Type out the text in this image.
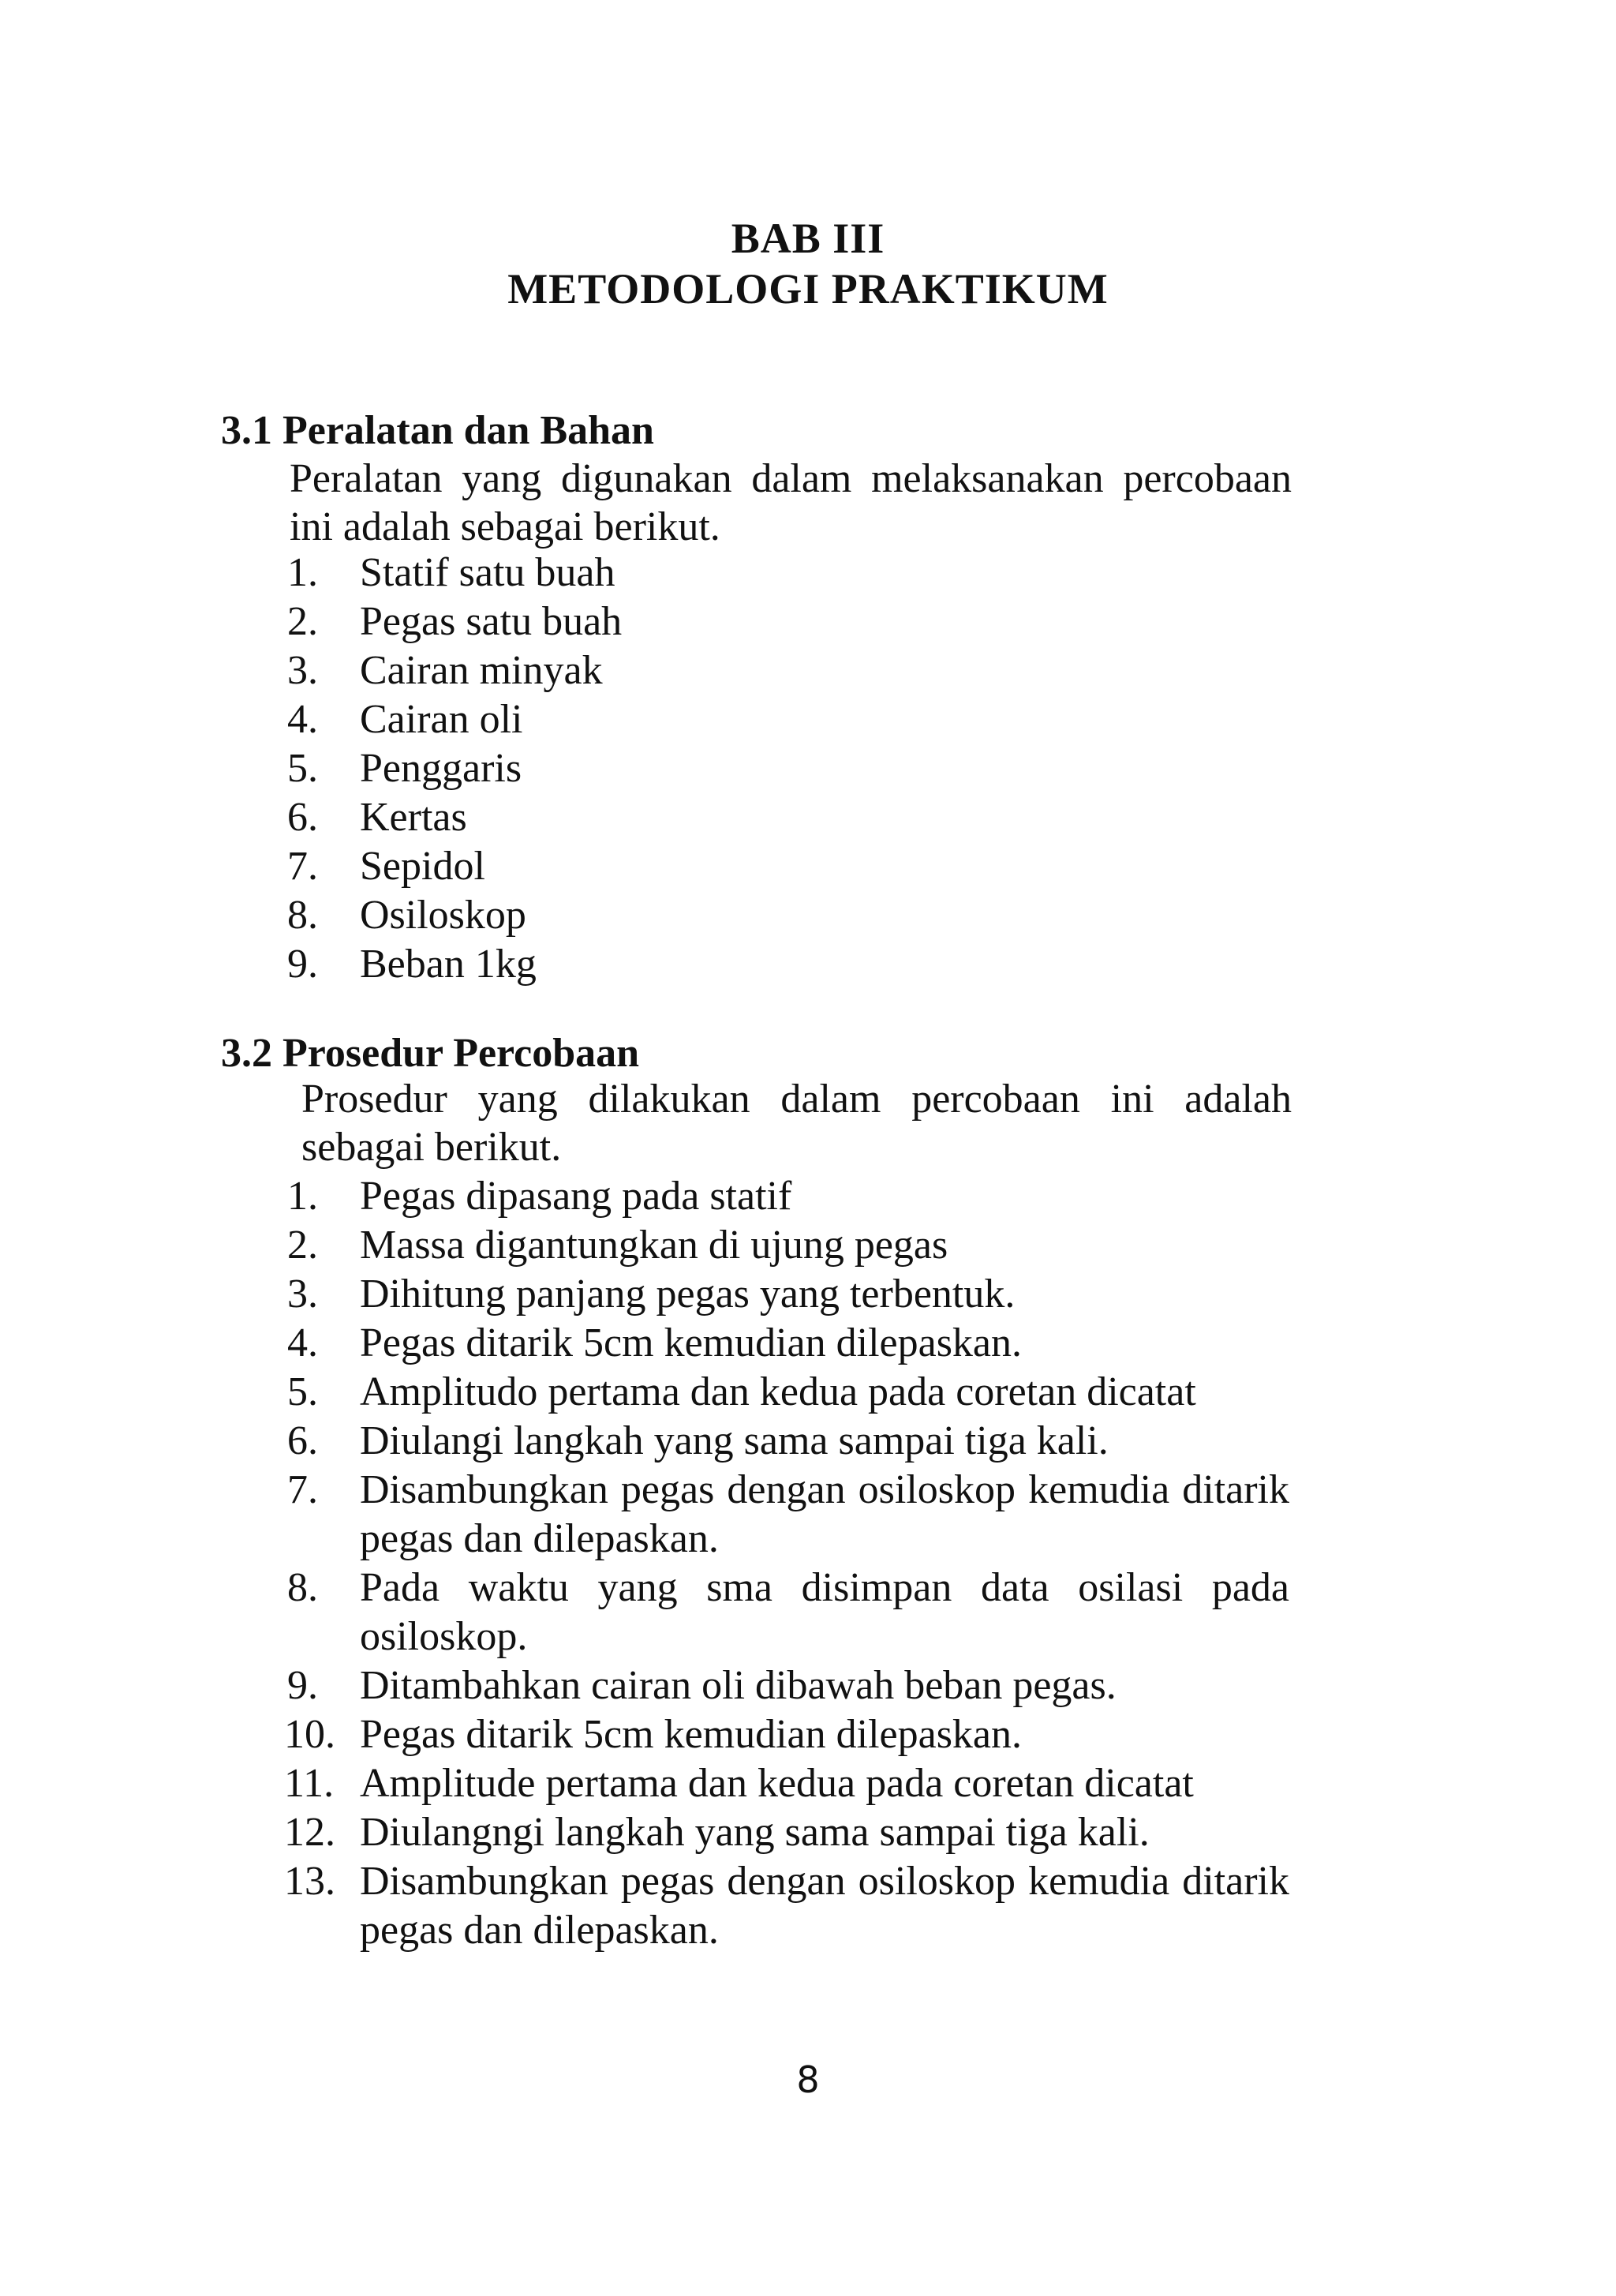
BAB III
METODOLOGI PRAKTIKUM
3.1 Peralatan dan Bahan
Peralatan yang digunakan dalam melaksanakan percobaan ini adalah sebagai berikut.
1.	Statif satu buah
2.	Pegas satu buah
3.	Cairan minyak
4.	Cairan oli
5.	Penggaris
6.	Kertas
7.	Sepidol
8.	Osiloskop
9.	Beban 1kg
3.2 Prosedur Percobaan
Prosedur yang dilakukan dalam percobaan ini adalah sebagai berikut.
1.	Pegas dipasang pada statif
2.	Massa digantungkan di ujung pegas
3.	Dihitung panjang pegas yang terbentuk.
4.	Pegas ditarik 5cm kemudian dilepaskan.
5.	Amplitudo pertama dan kedua pada coretan dicatat
6.	Diulangi langkah yang sama sampai tiga kali.
7.	Disambungkan pegas dengan osiloskop kemudia ditarik pegas dan dilepaskan.
8.	Pada waktu yang sma disimpan data osilasi pada osiloskop.
9.	Ditambahkan cairan oli dibawah beban pegas.
10. Pegas ditarik 5cm kemudian dilepaskan.
11. Amplitude pertama dan kedua pada coretan dicatat
12. Diulangngi langkah yang sama sampai tiga kali.
13. Disambungkan pegas dengan osiloskop kemudia ditarik pegas dan dilepaskan.
8
